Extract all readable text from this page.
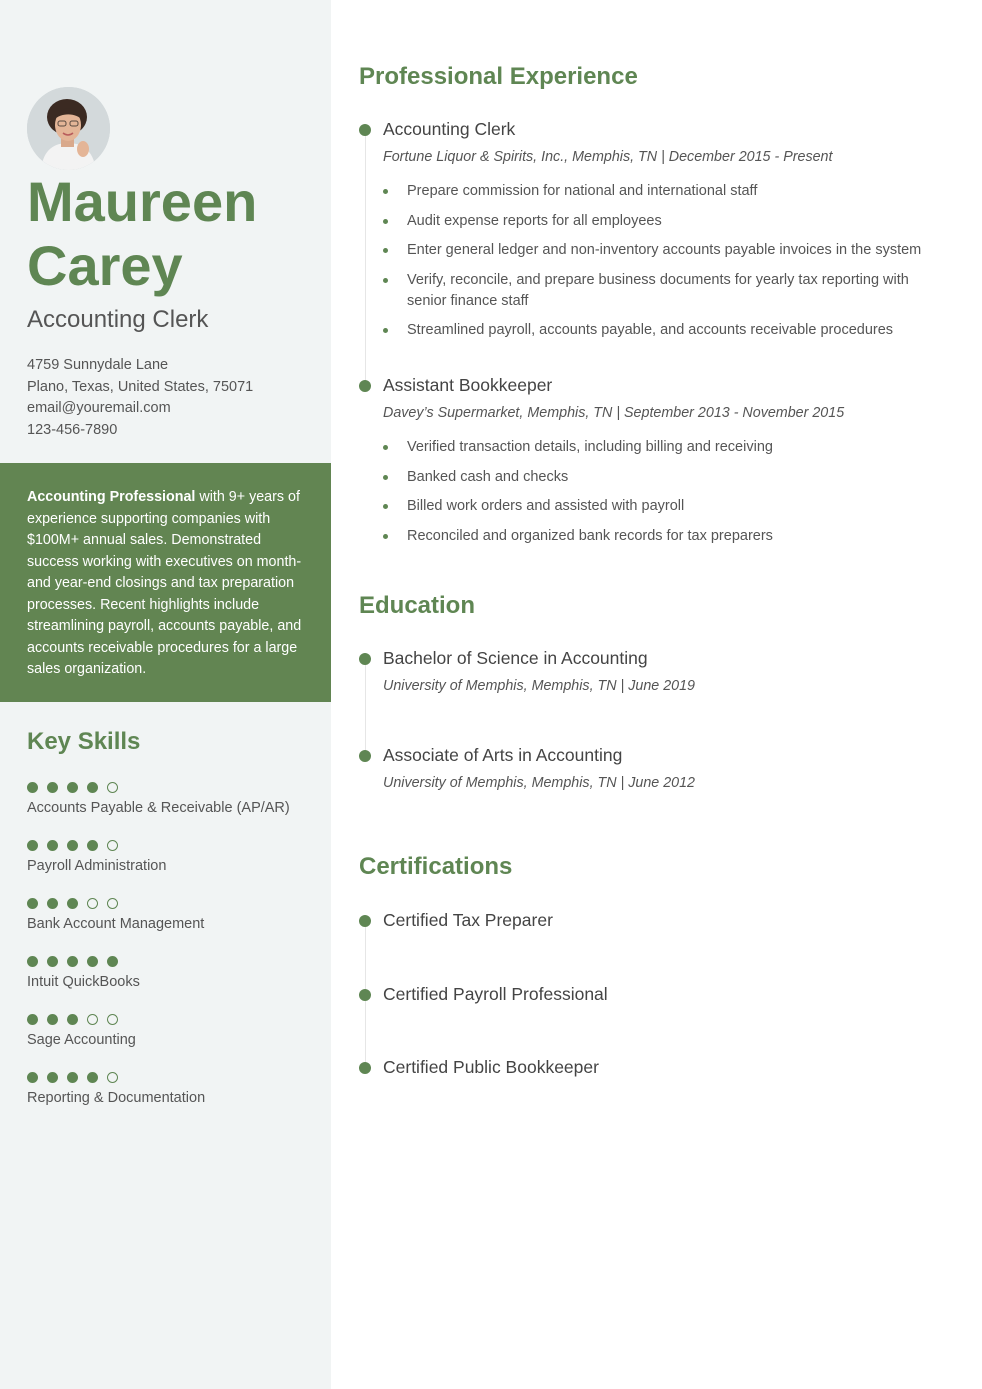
Maureen
Carey
Accounting Clerk
4759 Sunnydale Lane
Plano, Texas, United States, 75071
email@youremail.com
123-456-7890
Accounting Professional with 9+ years of experience supporting companies with $100M+ annual sales. Demonstrated success working with executives on month- and year-end closings and tax preparation processes. Recent highlights include streamlining payroll, accounts payable, and accounts receivable procedures for a large sales organization.
Key Skills
Accounts Payable & Receivable (AP/AR)
Payroll Administration
Bank Account Management
Intuit QuickBooks
Sage Accounting
Reporting & Documentation
Professional Experience
Accounting Clerk
Fortune Liquor & Spirits, Inc., Memphis, TN | December 2015 - Present
Prepare commission for national and international staff
Audit expense reports for all employees
Enter general ledger and non-inventory accounts payable invoices in the system
Verify, reconcile, and prepare business documents for yearly tax reporting with senior finance staff
Streamlined payroll, accounts payable, and accounts receivable procedures
Assistant Bookkeeper
Davey’s Supermarket, Memphis, TN | September 2013 - November 2015
Verified transaction details, including billing and receiving
Banked cash and checks
Billed work orders and assisted with payroll
Reconciled and organized bank records for tax preparers
Education
Bachelor of Science in Accounting
University of Memphis, Memphis, TN | June 2019
Associate of Arts in Accounting
University of Memphis, Memphis, TN | June 2012
Certifications
Certified Tax Preparer
Certified Payroll Professional
Certified Public Bookkeeper
